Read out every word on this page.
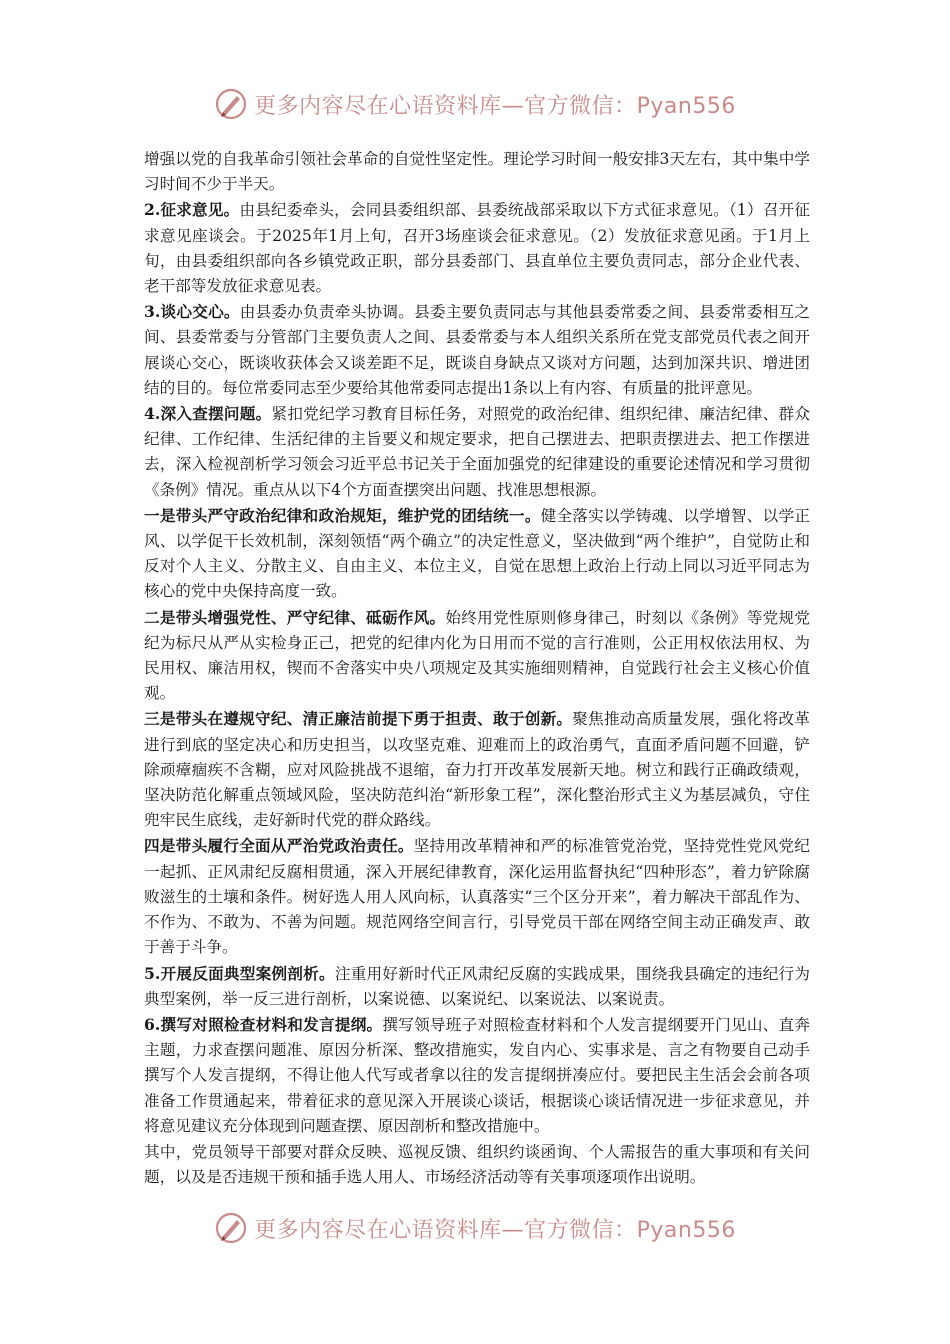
更多内容尽在心语资料库—官方微信：Pyan556

增强以党的自我革命引领社会革命的自觉性坚定性。理论学习时间一般安排3天左右，其中集中学习时间不少于半天。

2.征求意见。由县纪委牵头，会同县委组织部、县委统战部采取以下方式征求意见。（1）召开征求意见座谈会。于2025年1月上旬，召开3场座谈会征求意见。（2）发放征求意见函。于1月上旬，由县委组织部向各乡镇党政正职，部分县委部门、县直单位主要负责同志，部分企业代表、老干部等发放征求意见表。

3.谈心交心。由县委办负责牵头协调。县委主要负责同志与其他县委常委之间、县委常委相互之间、县委常委与分管部门主要负责人之间、县委常委与本人组织关系所在党支部党员代表之间开展谈心交心，既谈收获体会又谈差距不足，既谈自身缺点又谈对方问题，达到加深共识、增进团结的目的。每位常委同志至少要给其他常委同志提出1条以上有内容、有质量的批评意见。

4.深入查摆问题。紧扣党纪学习教育目标任务，对照党的政治纪律、组织纪律、廉洁纪律、群众纪律、工作纪律、生活纪律的主旨要义和规定要求，把自己摆进去、把职责摆进去、把工作摆进去，深入检视剖析学习领会习近平总书记关于全面加强党的纪律建设的重要论述情况和学习贯彻《条例》情况。重点从以下4个方面查摆突出问题、找准思想根源。

一是带头严守政治纪律和政治规矩，维护党的团结统一。健全落实以学铸魂、以学增智、以学正风、以学促干长效机制，深刻领悟“两个确立”的决定性意义，坚决做到“两个维护”，自觉防止和反对个人主义、分散主义、自由主义、本位主义，自觉在思想上政治上行动上同以习近平同志为核心的党中央保持高度一致。

二是带头增强党性、严守纪律、砥砺作风。始终用党性原则修身律己，时刻以《条例》等党规党纪为标尺从严从实检身正己，把党的纪律内化为日用而不觉的言行准则，公正用权依法用权、为民用权、廉洁用权，锲而不舍落实中央八项规定及其实施细则精神，自觉践行社会主义核心价值观。

三是带头在遵规守纪、清正廉洁前提下勇于担责、敢于创新。聚焦推动高质量发展，强化将改革进行到底的坚定决心和历史担当，以攻坚克难、迎难而上的政治勇气，直面矛盾问题不回避，铲除顽瘴痼疾不含糊，应对风险挑战不退缩，奋力打开改革发展新天地。树立和践行正确政绩观，坚决防范化解重点领域风险，坚决防范纠治“新形象工程”，深化整治形式主义为基层减负，守住兜牢民生底线，走好新时代党的群众路线。

四是带头履行全面从严治党政治责任。坚持用改革精神和严的标准管党治党，坚持党性党风党纪一起抓、正风肃纪反腐相贯通，深入开展纪律教育，深化运用监督执纪“四种形态”，着力铲除腐败滋生的土壤和条件。树好选人用人风向标，认真落实“三个区分开来”，着力解决干部乱作为、不作为、不敢为、不善为问题。规范网络空间言行，引导党员干部在网络空间主动正确发声、敢于善于斗争。

5.开展反面典型案例剖析。注重用好新时代正风肃纪反腐的实践成果，围绕我县确定的违纪行为典型案例，举一反三进行剖析，以案说德、以案说纪、以案说法、以案说责。

6.撰写对照检查材料和发言提纲。撰写领导班子对照检查材料和个人发言提纲要开门见山、直奔主题，力求查摆问题准、原因分析深、整改措施实，发自内心、实事求是、言之有物要自己动手撰写个人发言提纲，不得让他人代写或者拿以往的发言提纲拼凑应付。要把民主生活会会前各项准备工作贯通起来，带着征求的意见深入开展谈心谈话，根据谈心谈话情况进一步征求意见，并将意见建议充分体现到问题查摆、原因剖析和整改措施中。

其中，党员领导干部要对群众反映、巡视反馈、组织约谈函询、个人需报告的重大事项和有关问题，以及是否违规干预和插手选人用人、市场经济活动等有关事项逐项作出说明。

更多内容尽在心语资料库—官方微信：Pyan556
